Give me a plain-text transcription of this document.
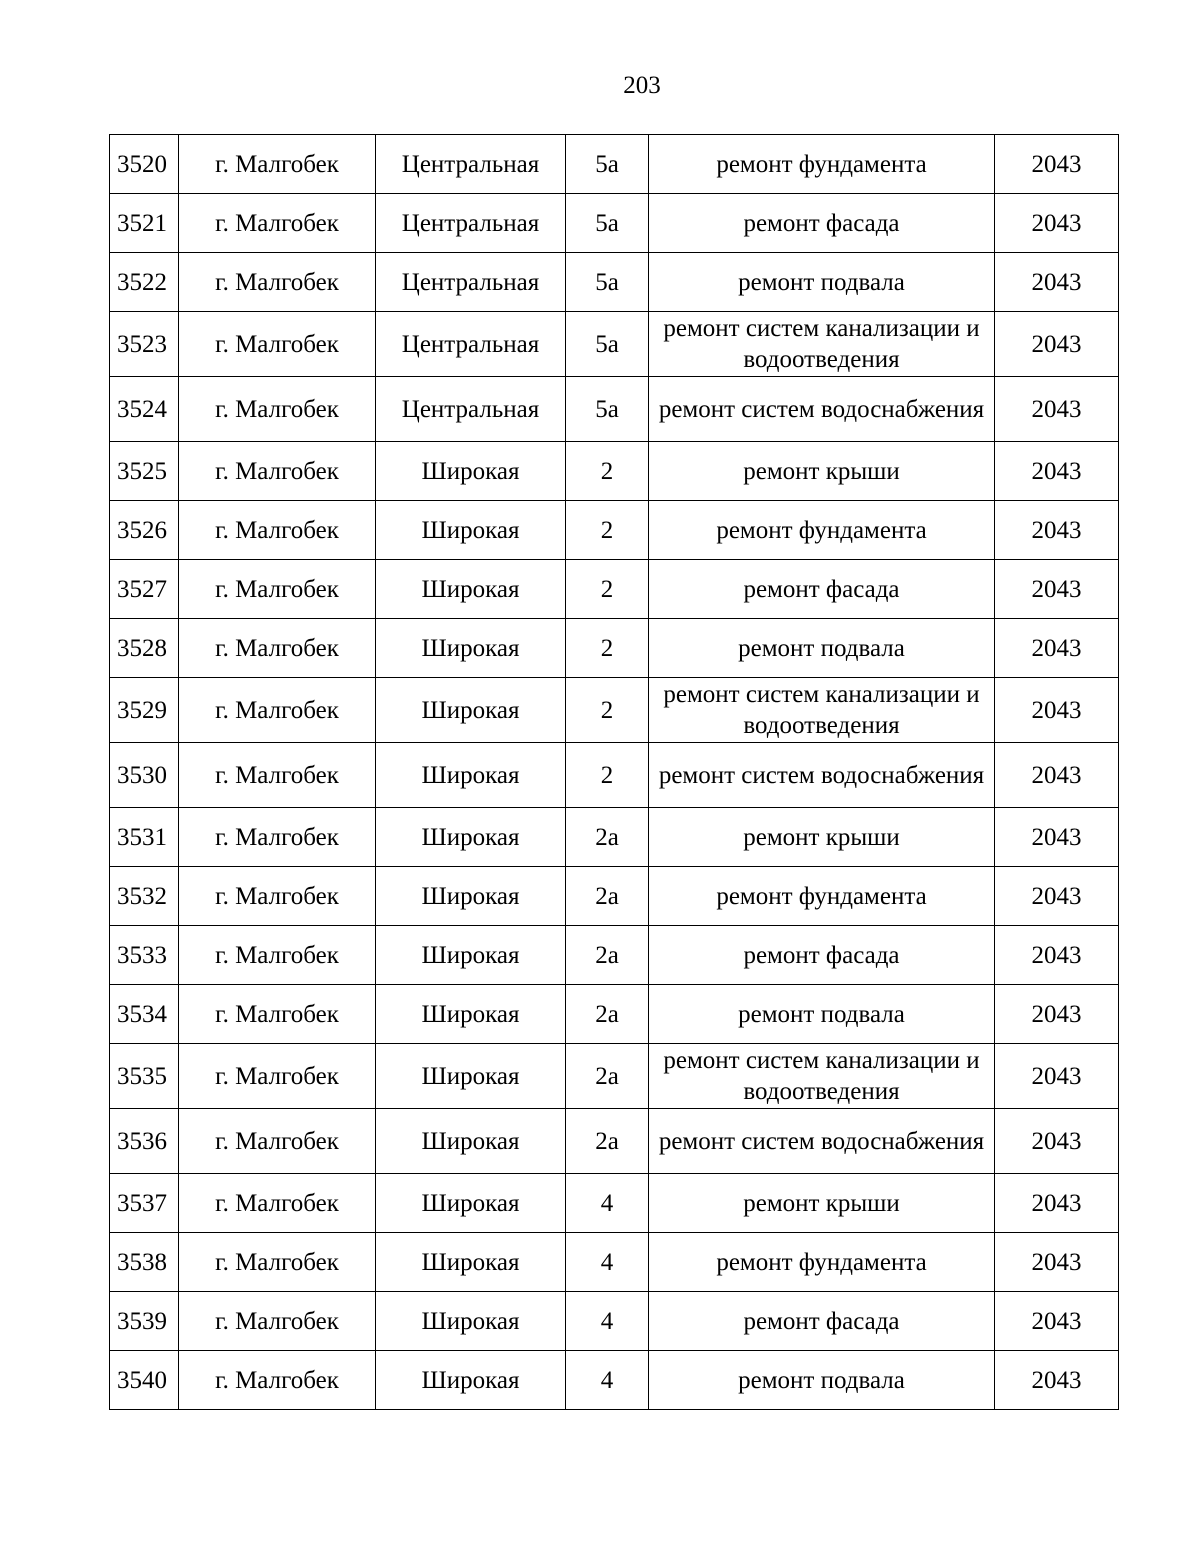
203
3520	г. Малгобек	Центральная	5а	ремонт фундамента	2043
3521	г. Малгобек	Центральная	5а	ремонт фасада	2043
3522	г. Малгобек	Центральная	5а	ремонт подвала	2043
3523	г. Малгобек	Центральная	5а	ремонт систем канализации и водоотведения	2043
3524	г. Малгобек	Центральная	5а	ремонт систем водоснабжения	2043
3525	г. Малгобек	Широкая	2	ремонт крыши	2043
3526	г. Малгобек	Широкая	2	ремонт фундамента	2043
3527	г. Малгобек	Широкая	2	ремонт фасада	2043
3528	г. Малгобек	Широкая	2	ремонт подвала	2043
3529	г. Малгобек	Широкая	2	ремонт систем канализации и водоотведения	2043
3530	г. Малгобек	Широкая	2	ремонт систем водоснабжения	2043
3531	г. Малгобек	Широкая	2а	ремонт крыши	2043
3532	г. Малгобек	Широкая	2а	ремонт фундамента	2043
3533	г. Малгобек	Широкая	2а	ремонт фасада	2043
3534	г. Малгобек	Широкая	2а	ремонт подвала	2043
3535	г. Малгобек	Широкая	2а	ремонт систем канализации и водоотведения	2043
3536	г. Малгобек	Широкая	2а	ремонт систем водоснабжения	2043
3537	г. Малгобек	Широкая	4	ремонт крыши	2043
3538	г. Малгобек	Широкая	4	ремонт фундамента	2043
3539	г. Малгобек	Широкая	4	ремонт фасада	2043
3540	г. Малгобек	Широкая	4	ремонт подвала	2043
